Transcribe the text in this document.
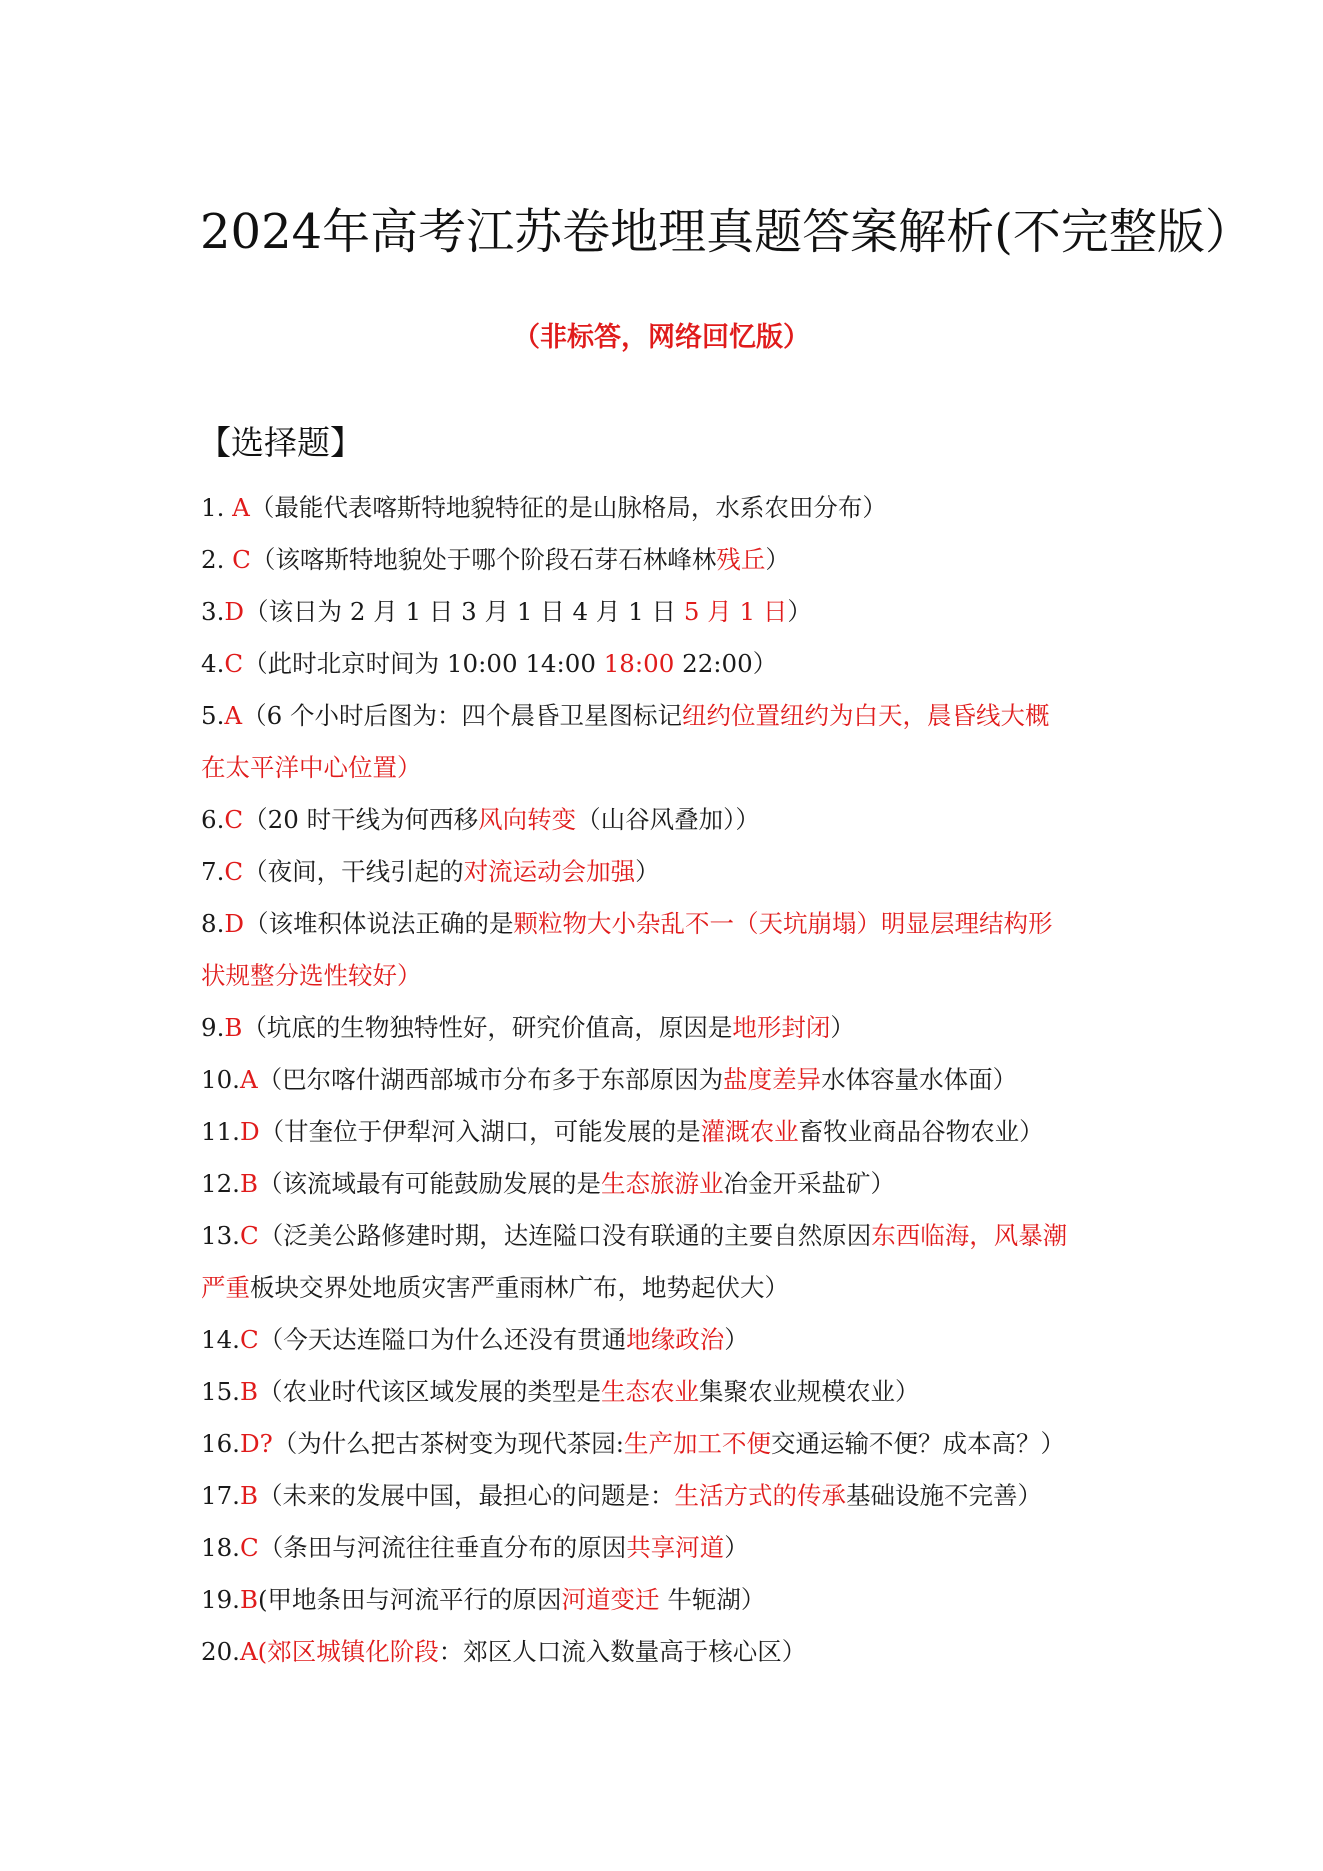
2024年高考江苏卷地理真题答案解析(不完整版）
（非标答，网络回忆版）
【选择题】
1. A（最能代表喀斯特地貌特征的是山脉格局，水系农田分布）
2. C（该喀斯特地貌处于哪个阶段石芽石林峰林残丘）
3.D（该日为 2 月 1 日 3 月 1 日 4 月 1 日 5 月 1 日）
4.C（此时北京时间为 10:00 14:00 18:00 22:00）
5.A（6 个小时后图为：四个晨昏卫星图标记纽约位置纽约为白天，晨昏线大概
在太平洋中心位置）
6.C（20 时干线为何西移风向转变（山谷风叠加））
7.C（夜间，干线引起的对流运动会加强）
8.D（该堆积体说法正确的是颗粒物大小杂乱不一（天坑崩塌）明显层理结构形
状规整分选性较好）
9.B（坑底的生物独特性好，研究价值高，原因是地形封闭）
10.A（巴尔喀什湖西部城市分布多于东部原因为盐度差异水体容量水体面）
11.D（甘奎位于伊犁河入湖口，可能发展的是灌溉农业畜牧业商品谷物农业）
12.B（该流域最有可能鼓励发展的是生态旅游业冶金开采盐矿）
13.C（泛美公路修建时期，达连隘口没有联通的主要自然原因东西临海，风暴潮
严重板块交界处地质灾害严重雨林广布，地势起伏大）
14.C（今天达连隘口为什么还没有贯通地缘政治）
15.B（农业时代该区域发展的类型是生态农业集聚农业规模农业）
16.D?（为什么把古茶树变为现代茶园:生产加工不便交通运输不便？成本高？）
17.B（未来的发展中国，最担心的问题是：生活方式的传承基础设施不完善）
18.C（条田与河流往往垂直分布的原因共享河道）
19.B(甲地条田与河流平行的原因河道变迁 牛轭湖）
20.A(郊区城镇化阶段：郊区人口流入数量高于核心区）
